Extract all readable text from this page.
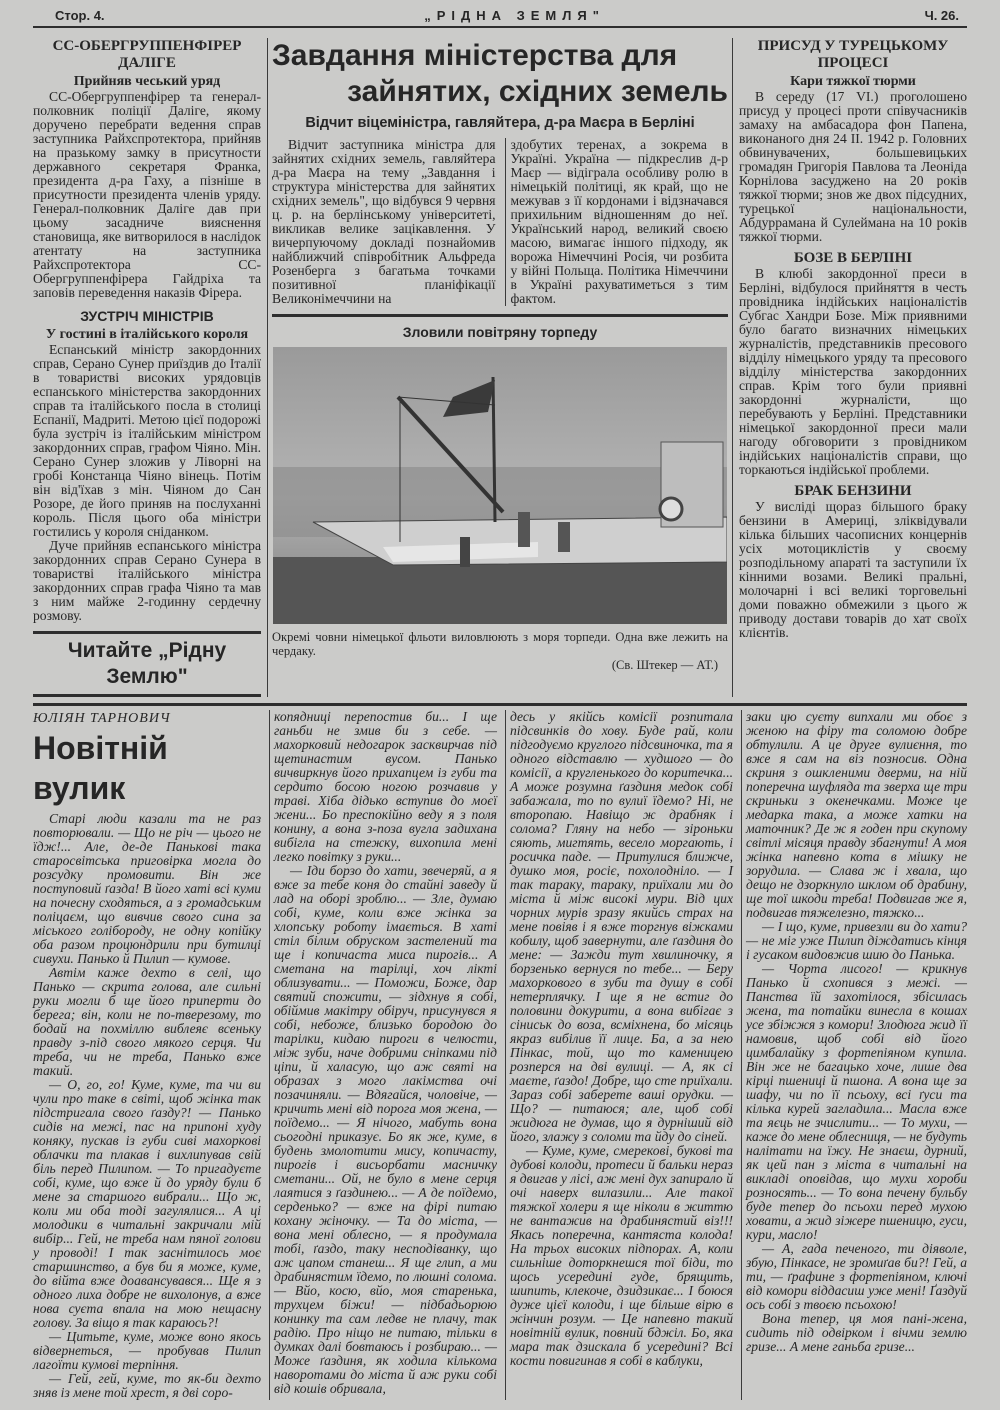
Стор. 4.	„РІДНА ЗЕМЛЯ"	Ч. 26.
СС-ОБЕРГРУППЕНФІРЕР ДАЛІГЕ
Прийняв чеський уряд

СС-Обергруппенфірер та генерал-полковник поліції Даліге, якому доручено перебрати ведення справ заступника Райхспротектора, прийняв на празькому замку в присутности державного секретаря Франка, президента д-ра Гаху, а пізніше в присутности президента членів уряду. Генерал-полковник Даліге дав при цьому засадниче вияснення становища, яке витворилося в наслідок атентату на заступника Райхспротектора СС-Обергруппенфірера Гайдріха та заповів переведення наказів Фірера.

ЗУСТРІЧ МІНІСТРІВ
У гостині в італійського короля

Еспанський міністр закордонних справ, Серано Сунер приїздив до Італії в товаристві високих урядовців еспанського міністерства закордонних справ та італійського посла в столиці Еспанії, Мадриті. Метою цієї подорожі була зустріч із італійським міністром закордонних справ, графом Чіяно. Мін. Серано Сунер зложив у Ліворні на гробі Констанца Чіяно вінець. Потім він від'їхав з мін. Чіяном до Сан Розоре, де його приняв на послуханні король. Після цього оба міністри гостились у короля сніданком.

Дуче прийняв еспанського міністра закордонних справ Серано Сунера в товаристві італійського міністра закордонних справ графа Чіяно та мав з ним майже 2-годинну сердечну розмову.

Читайте „Рідну Землю"
Завдання міністерства для
зайнятих, східних земель
Відчит віцеміністра, гавляйтера, д-ра Маєра в Берліні

Відчит заступника міністра для зайнятих східних земель, гавляйтера д-ра Маєра на тему „Завдання і структура міністерства для зайнятих східних земель", що відбувся 9 червня ц. р. на берлінському університеті, викликав велике зацікавлення. У вичерпуючому докладі познайомив найближчий співробітник Альфреда Розенберга з багатьма точками позитивної планіфікації Великонімеччини на

здобутих теренах, а зокрема в Україні. Україна — підкреслив д-р Маєр — відіграла особливу ролю в німецькій політиці, як край, що не межував з її кордонами і відзначався прихильним відношенням до неї. Український народ, великий своєю масою, вимагає іншого підходу, як ворожа Німеччині Росія, чи розбита у війні Польща. Політика Німеччини в Україні рахуватиметься з тим фактом.

Зловили повітряну торпеду
Окремі човни німецької фльоти виловлюють з моря торпеди. Одна вже лежить на чердаку.
(Св. Штекер — АТ.)
ПРИСУД У ТУРЕЦЬКОМУ ПРОЦЕСІ
Кари тяжкої тюрми

В середу (17 VI.) проголошено присуд у процесі проти співучасників замаху на амбасадора фон Папена, виконаного дня 24 II. 1942 р. Головних обвинувачених, большевицьких громадян Григорія Павлова та Леоніда Корнілова засуджено на 20 років тяжкої тюрми; знов же двох підсудних, турецької національности, Абдуррамана й Сулеймана на 10 років тяжкої тюрми.

БОЗЕ В БЕРЛІНІ

В клюбі закордонної преси в Берліні, відбулося прийняття в честь провідника індійських націоналістів Субгас Хандри Бозе. Між приявними було багато визначних німецьких журналістів, представників пресового відділу німецького уряду та пресового відділу міністерства закордонних справ. Крім того були приявні закордонні журналісти, що перебувають у Берліні. Представники німецької закордонної преси мали нагоду обговорити з провідником індійських націоналістів справи, що торкаються індійської проблеми.

БРАК БЕНЗИНИ

У висліді щораз більшого браку бензини в Америці, зліквідували кілька більших часописних концернів усіх мотоциклістів у своєму розподільному апараті та заступили їх кінними возами. Великі пральні, молочарні і всі великі торговельні доми поважно обмежили з цього ж приводу достави товарів до хат своїх клієнтів.

ЮЛІЯН ТАРНОВИЧ
Новітній вулик

Старі люди казали та не раз повторювали. — Що не річ — цього не їдж!... Але, де-де Панькові така старосвітська приговірка могла до розсудку промовити. Він же поступовий ґазда! В його хаті всі куми на почесну сходяться, а з громадським поліцаєм, що вивчив свого сина за міського голібороду, не одну копійку оба разом процюндрили при бутилці сивухи. Панько й Пилип — кумове.

Автім каже дехто в селі, що Панько — скрита голова, але сильні руки могли б ще його приперти до берега; він, коли не по-тверезому, то бодай на похміллю виблеяє всеньку правду з-під свого мякого серця. Чи треба, чи не треба, Панько вже такий.

— О, го, го! Куме, куме, та чи ви чули про таке в світі, щоб жінка так підстригала свого ґазду?! — Панько сидів на межі, пас на припоні худу коняку, пускав із губи сиві махоркові облачки та плакав і вихлипував свій біль перед Пилипом. — То пригадуєте собі, куме, що вже й до уряду були б мене за старшого вибрали... Що ж, коли ми оба тоді загулялися... А ці молодики в читальні закричали мій вибір... Гей, не треба нам пяної голови у проводі! І так заснітилось моє старшинство, а був би я може, куме, до війта вже доавансувався... Ще я з одного лиха добре не вихолонув, а вже нова суєта впала на мою нещасну голову. За віщо я так караюсь?!

— Цитьте, куме, може воно якось відвернеться, — пробував Пилип лагоїти кумові терпіння.

— Гей, гей, куме, то як-би дехто зняв із мене той хрест, я дві соро-

копядниці перепостив би... І ще ганьби не змив би з себе. — махорковий недогарок засквирчав під щетинастим вусом. Панько вичвиркнув його прихапцем із губи та сердито босою ногою розчавив у траві. Хіба дідько вступив до моєї жени... Бо преспокійно веду я з поля конину, а вона з-поза вугла задихана вибігла на стежку, вихопила мені легко повітку з руки...

— Іди борзо до хати, звечеряй, а я вже за тебе коня до стайні заведу й лад на оборі зроблю... — Зле, думаю собі, куме, коли вже жінка за хлопську роботу імається. В хаті стіл білим обруском застелений та ще і копичаста миса пирогів... А сметана на тарілці, хоч лікті облизувати... — Поможи, Боже, дар святий спожити, — зідхнув я собі, обіймив макітру обіруч, присунувся я собі, небоже, близько бородою до тарілки, кидаю пироги в челюсти, між зуби, наче добрими сніпками під ціпи, й халасую, що аж святі на образах з мого лакімства очі позачиняли. — Вдягайся, чоловіче, — кричить мені від порога моя жена, — поїдемо... — Я нічого, мабуть вона сьогодні приказує. Бо як же, куме, в будень змолотити мису, копичасту, пирогів і висьорбати масничку сметани... Ой, не було в мене серця лаятися з ґаздинею... — А де поїдемо, серденько? — вже на фірі питаю кохану жіночку. — Та до міста, — вона мені облесно, — я продумала тобі, ґаздо, таку несподіванку, що аж цапом станеш... Я ще глип, а ми драбинястим їдемо, по люшні солома. — Вйо, косю, вйо, моя старенька, трухцем біжи! — підбадьорюю конинку та сам ледве не плачу, так радію. Про ніщо не питаю, тільки в думках далі бовтаюсь і розбираю... — Може ґаздиня, як ходила кількома наворотами до міста й аж руки собі від кошів обривала,

десь у якійсь комісії розпитала підсвинків до хову. Буде рай, коли підгодуємо круглого підсвиночка, та я одного відставлю — худшого — до комісії, а кругленького до коритечка... А може розумна ґаздиня медок собі забажала, то по вулиї їдемо? Ні, не второпаю. Навіщо ж драбняк і солома? Гляну на небо — зіроньки сяють, мигтять, весело моргають, і росичка паде. — Притулися ближче, душко моя, росіє, похолодніло. — І так тараку, тараку, приїхали ми до міста й між високі мури. Від цих чорних мурів зразу якийсь страх на мене повіяв і я вже торгнув віжками кобилу, щоб завернути, але ґаздиня до мене: — Зажди тут хвилиночку, я борзенько вернуся по тебе... — Беру махоркового в зуби та душу в собі нетерплячку. І ще я не встиг до половини докурити, а вона вибігає з сіниськ до воза, всміхнена, бо місяць якраз вибілив її лице. Ба, а за нею Пінкас, той, що то каменицею розперся на дві вулиці. — А, як сі маєте, ґаздо! Добре, що сте приїхали. Зараз собі заберете ваші орудки. — Що? — питаюся; але, щоб собі жидюга не думав, що я дурніший від його, злажу з соломи та йду до сіней.

— Куме, куме, смерекові, букові та дубові колоди, протеси й бальки нераз я двигав у лісі, аж мені дух запирало й очі наверх вилазили... Але такої тяжкої холери я ще ніколи в життю не вантажив на драбинястий віз!!! Якась поперечна, кантяста колода! На трьох високих підпорах. А, коли сильніше доторкнешся тої біди, то щось усередині гуде, брящить, шипить, клекоче, дзидзикає... І боюся дуже цієї колоди, і ще більше вірю в жінчин розум. — Це напевно такий новітній вулик, повний бджіл. Бо, яка мара так дзискала б усередині? Всі кости повигинав я собі в каблуки,

заки цю суєту випхали ми обоє з женою на фіру та соломою добре обтулили. А це друге вулиєння, то вже я сам на віз позносив. Одна скриня з ошкленими дверми, на ній поперечна шуфляда та зверха ще три скриньки з окенечками. Може це медарка така, а може хатки на маточник? Де ж я годен при скупому світлі місяця правду збагнути! А моя жінка напевно кота в мішку не зорудила. — Слава ж і хвала, що дещо не дзоркнуло шклом об драбину, ще тої шкоди треба! Подвигав же я, подвигав тяжелезно, тяжко...

— І що, куме, привезли ви до хати? — не міг уже Пилип діждатись кінця і гусаком видовжив шию до Панька.

— Чорта лисого! — крикнув Панько й схопився з межі. — Панства їй захотілося, збісилась жена, та потайки винесла в кошах усе збіжжя з комори! Злодюга жид її намовив, щоб собі від його цимбалайку з фортепіяном купила. Він же не багацько хоче, лише два кірці пшениці й пшона. А вона ще за шафу, чи по її псьоху, всі ґуси та кілька курей загладила... Масла вже та яєць не зчислити... — То мухи, — каже до мене облесниця, — не будуть налітати на їжу. Не знаєш, дурний, як цей пан з міста в читальні на викладі оповідав, що мухи хороби розносять... — То вона печену бульбу буде тепер до псьохи перед мухою ховати, а жид зіжере пшеницю, гуси, кури, масло!

— А, гада печеного, ти діяволе, збую, Пінкасе, не зромиґав би?! Гей, а ти, — ґрафине з фортепіяном, ключі від комори віддасиш уже мені! Ґаздуй ось собі з твоєю псьохою!

Вона тепер, ця моя пані-жена, сидить під одвірком і вічми землю гризе... А мене ганьба гризе...
